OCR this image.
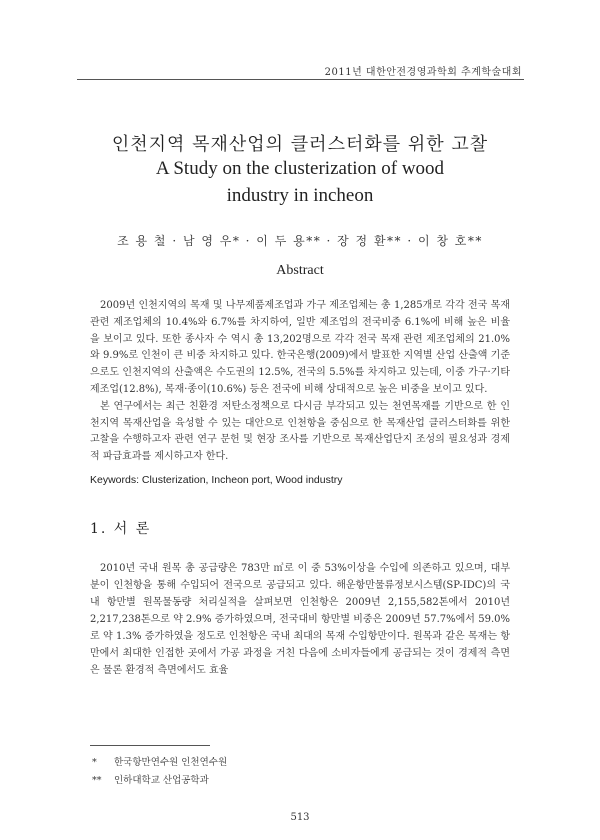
2011년 대한안전경영과학회 추계학술대회
인천지역 목재산업의 클러스터화를 위한 고찰
A Study on the clusterization of wood
industry in incheon
조 용 철 · 남 영 우* · 이 두 용** · 장 정 환** · 이 창 호**
Abstract

2009년 인천지역의 목재 및 나무제품제조업과 가구 제조업체는 총 1,285개로 각각 전국 목재 관련 제조업체의 10.4%와 6.7%를 차지하여, 일반 제조업의 전국비중 6.1%에 비해 높은 비율을 보이고 있다. 또한 종사자 수 역시 총 13,202명으로 각각 전국 목재 관련 제조업체의 21.0%와 9.9%로 인천이 큰 비중 차지하고 있다. 한국은행(2009)에서 발표한 지역별 산업 산출액 기준으로도 인천지역의 산출액은 수도권의 12.5%, 전국의 5.5%를 차지하고 있는데, 이중 가구·기타제조업(12.8%), 목재·종이(10.6%) 등은 전국에 비해 상대적으로 높은 비중을 보이고 있다.

본 연구에서는 최근 친환경 저탄소정책으로 다시금 부각되고 있는 천연목재를 기반으로 한 인천지역 목재산업을 육성할 수 있는 대안으로 인천항을 중심으로 한 목재산업 클러스터화를 위한 고찰을 수행하고자 관련 연구 문헌 및 현장 조사를 기반으로 목재산업단지 조성의 필요성과 경제적 파급효과를 제시하고자 한다.

Keywords: Clusterization, Incheon port, Wood industry
1. 서 론

2010년 국내 원목 총 공급량은 783만 ㎥로 이 중 53%이상을 수입에 의존하고 있으며, 대부분이 인천항을 통해 수입되어 전국으로 공급되고 있다. 해운항만물류정보시스템(SP-IDC)의 국내 항만별 원목물동량 처리실적을 살펴보면 인천항은 2009년 2,155,582톤에서 2010년 2,217,238톤으로 약 2.9% 증가하였으며, 전국대비 항만별 비중은 2009년 57.7%에서 59.0%로 약 1.3% 증가하였을 정도로 인천항은 국내 최대의 목재 수입항만이다. 원목과 같은 목재는 항만에서 최대한 인접한 곳에서 가공 과정을 거친 다음에 소비자들에게 공급되는 것이 경제적 측면은 물론 환경적 측면에서도 효율

* 한국항만연수원 인천연수원
** 인하대학교 산업공학과
513
